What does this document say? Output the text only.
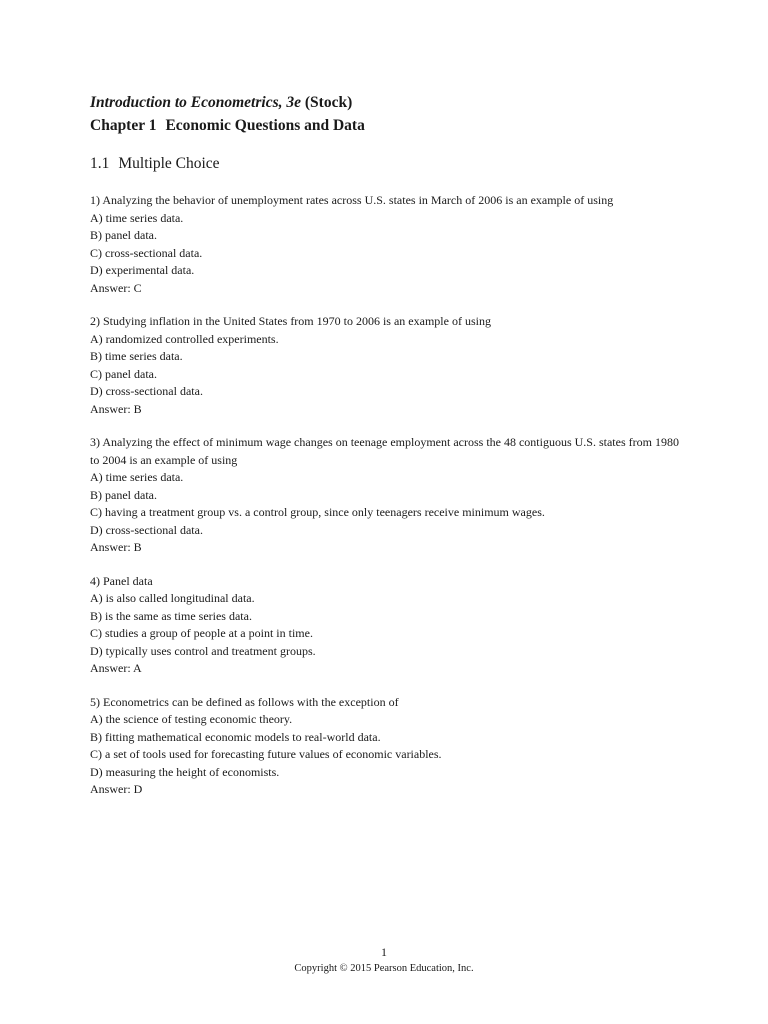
Introduction to Econometrics, 3e (Stock)

Chapter 1 Economic Questions and Data

1.1 Multiple Choice

1) Analyzing the behavior of unemployment rates across U.S. states in March of 2006 is an example of using

A) time series data.

B) panel data.

C) cross-sectional data.

D) experimental data.

Answer: C

2) Studying inflation in the United States from 1970 to 2006 is an example of using

A) randomized controlled experiments.

B) time series data.

C) panel data.

D) cross-sectional data.

Answer: B

3) Analyzing the effect of minimum wage changes on teenage employment across the 48 contiguous U.S. states from 1980 to 2004 is an example of using

A) time series data.

B) panel data.

C) having a treatment group vs. a control group, since only teenagers receive minimum wages.

D) cross-sectional data.

Answer: B

4) Panel data

A) is also called longitudinal data.

B) is the same as time series data.

C) studies a group of people at a point in time.

D) typically uses control and treatment groups.

Answer: A

5) Econometrics can be defined as follows with the exception of

A) the science of testing economic theory.

B) fitting mathematical economic models to real-world data.

C) a set of tools used for forecasting future values of economic variables.

D) measuring the height of economists.

Answer: D

1

Copyright © 2015 Pearson Education, Inc.
